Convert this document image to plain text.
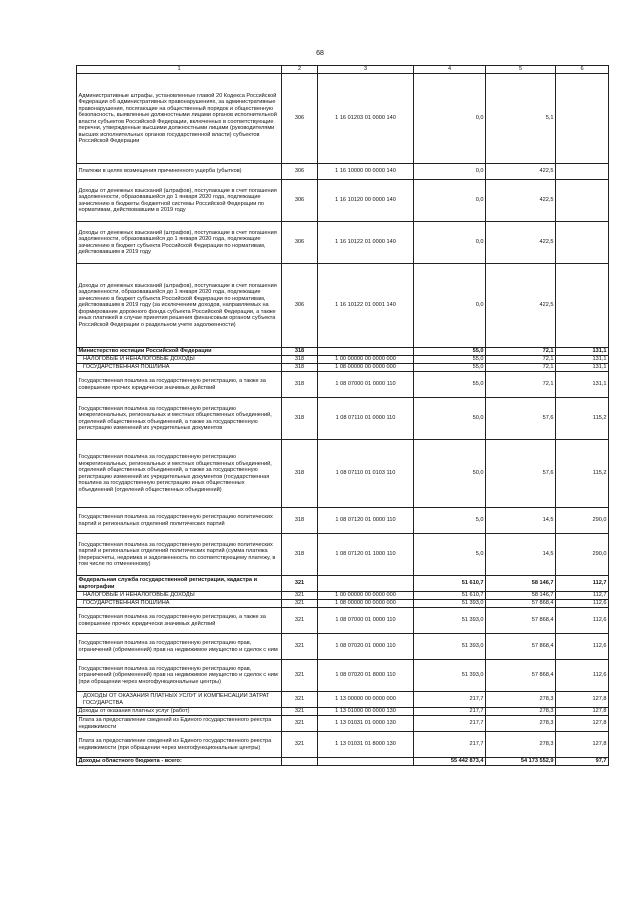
68
1	2	3	4	5	6
Административные штрафы, установленные главой 20 Кодекса Российской Федерации об административных правонарушениях, за административные правонарушения, посягающие на общественный порядок и общественную безопасность, выявленные должностными лицами органов исполнительной власти субъектов Российской Федерации, включенных в соответствующие перечни, утвержденные высшими должностными лицами (руководителями высших исполнительных органов государственной власти) субъектов Российской Федерации	306	1 16 01203 01 0000 140	0,0	5,1	
Платежи в целях возмещения причиненного ущерба (убытков)	306	1 16 10000 00 0000 140	0,0	422,5	
Доходы от денежных взысканий (штрафов), поступающие в счет погашения задолженности, образовавшейся до 1 января 2020 года, подлежащие зачислению в бюджеты бюджетной системы Российской Федерации по нормативам, действовавшим в 2019 году	306	1 16 10120 00 0000 140	0,0	422,5	
Доходы от денежных взысканий (штрафов), поступающие в счет погашения задолженности, образовавшейся до 1 января 2020 года, подлежащие зачислению в бюджет субъекта Российской Федерации по нормативам, действовавшим в 2019 году	306	1 16 10122 01 0000 140	0,0	422,5	
Доходы от денежных взысканий (штрафов), поступающие в счет погашения задолженности, образовавшейся до 1 января 2020 года, подлежащие зачислению в бюджет субъекта Российской Федерации по нормативам, действовавшим в 2019 году (за исключением доходов, направляемых на формирование дорожного фонда субъекта Российской Федерации, а также иных платежей в случае принятия решения финансовым органом субъекта Российской Федерации о раздельном учете задолженности)	306	1 16 10122 01 0001 140	0,0	422,5	
Министерство юстиции Российской Федерации	318		55,0	72,1	131,1
НАЛОГОВЫЕ И НЕНАЛОГОВЫЕ ДОХОДЫ	318	1 00 00000 00 0000 000	55,0	72,1	131,1
ГОСУДАРСТВЕННАЯ ПОШЛИНА	318	1 08 00000 00 0000 000	55,0	72,1	131,1
Государственная пошлина за государственную регистрацию, а также за совершение прочих юридически значимых действий	318	1 08 07000 01 0000 110	55,0	72,1	131,1
Государственная пошлина за государственную регистрацию межрегиональных, региональных и местных общественных объединений, отделений общественных объединений, а также за государственную регистрацию изменений их учредительных документов	318	1 08 07110 01 0000 110	50,0	57,6	115,2
Государственная пошлина за государственную регистрацию межрегиональных, региональных и местных общественных объединений, отделений общественных объединений, а также за государственную регистрацию изменений их учредительных документов (государственная пошлина за государственную регистрацию иных общественных объединений (отделений общественных объединений)	318	1 08 07110 01 0103 110	50,0	57,6	115,2
Государственная пошлина за государственную регистрацию политических партий и региональных отделений политических партий	318	1 08 07120 01 0000 110	5,0	14,5	290,0
Государственная пошлина за государственную регистрацию политических партий и региональных отделений политических партий (сумма платежа (перерасчеты, недоимка и задолженность по соответствующему платежу, в том числе по отмененному)	318	1 08 07120 01 1000 110	5,0	14,5	290,0
Федеральная служба государственной регистрации, кадастра и картографии	321		51 610,7	58 146,7	112,7
НАЛОГОВЫЕ И НЕНАЛОГОВЫЕ ДОХОДЫ	321	1 00 00000 00 0000 000	51 610,7	58 146,7	112,7
ГОСУДАРСТВЕННАЯ ПОШЛИНА	321	1 08 00000 00 0000 000	51 393,0	57 868,4	112,6
Государственная пошлина за государственную регистрацию, а также за совершение прочих юридически значимых действий	321	1 08 07000 01 0000 110	51 393,0	57 868,4	112,6
Государственная пошлина за государственную регистрацию прав, ограничений (обременений) прав на недвижимое имущество и сделок с ним	321	1 08 07020 01 0000 110	51 393,0	57 868,4	112,6
Государственная пошлина за государственную регистрацию прав, ограничений (обременений) прав на недвижимое имущество и сделок с ним (при обращении через многофункциональные центры)	321	1 08 07020 01 8000 110	51 393,0	57 868,4	112,6
ДОХОДЫ ОТ ОКАЗАНИЯ ПЛАТНЫХ УСЛУГ И КОМПЕНСАЦИИ ЗАТРАТ ГОСУДАРСТВА	321	1 13 00000 00 0000 000	217,7	278,3	127,8
Доходы от оказания платных услуг (работ)	321	1 13 01000 00 0000 130	217,7	278,3	127,8
Плата за предоставление сведений из Единого государственного реестра недвижимости	321	1 13 01031 01 0000 130	217,7	278,3	127,8
Плата за предоставление сведений из Единого государственного реестра недвижимости (при обращении через многофункциональные центры)	321	1 13 01031 01 8000 130	217,7	278,3	127,8
Доходы областного бюджета - всего:			55 442 873,4	54 173 552,9	97,7
